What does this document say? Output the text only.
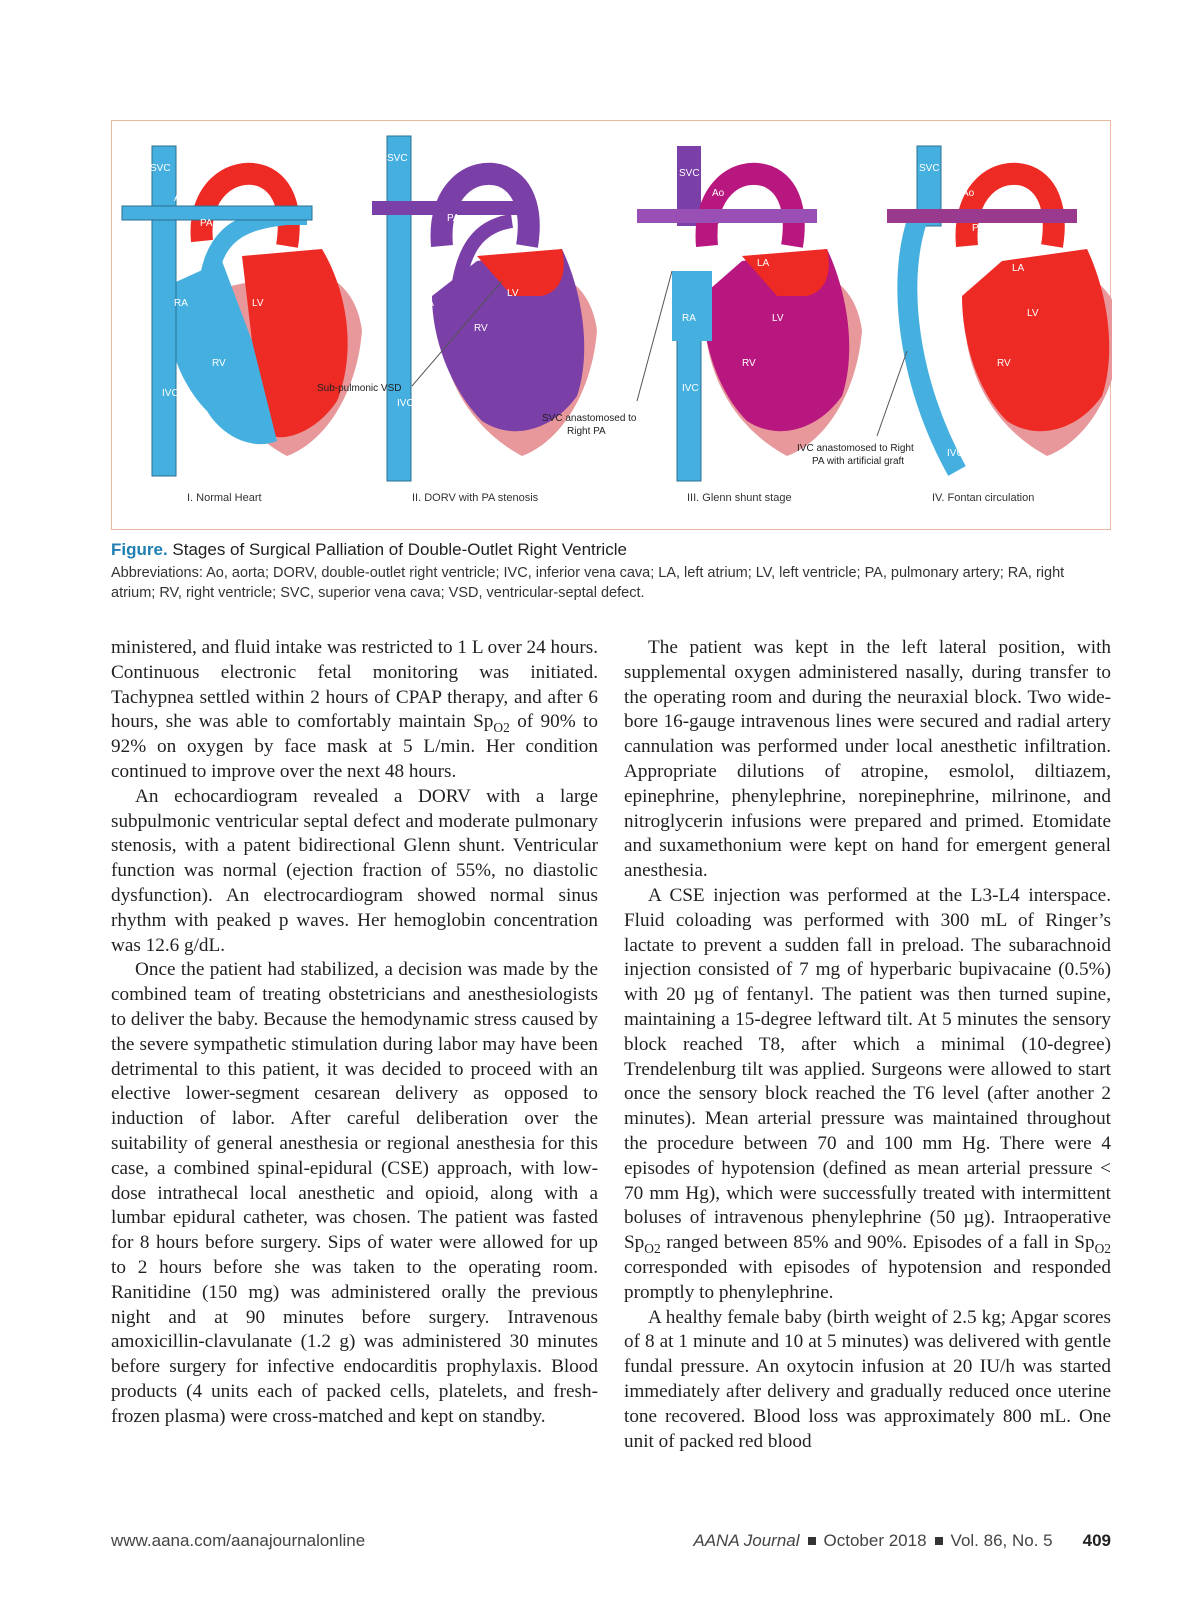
SVC
Ao
PA
LA
RA	LV
RV
IVC
I. Normal Heart
SVC
Ao
PA
LA
RA
LV
RV
IVC
Sub-pulmonic VSD
II. DORV with PA stenosis
SVC
Ao
PA
LA
RA	LV
RV
IVC
SVC anastomosed to
Right PA
III. Glenn shunt stage
SVC
Ao
PA
LA
RA	LV
RV
IVC
IVC anastomosed to Right
PA with artificial graft
IV. Fontan circulation
Figure. Stages of Surgical Palliation of Double-Outlet Right Ventricle
Abbreviations: Ao, aorta; DORV, double-outlet right ventricle; IVC, inferior vena cava; LA, left atrium; LV, left ventricle; PA, pulmonary artery; RA, right atrium; RV, right ventricle; SVC, superior vena cava; VSD, ventricular-septal defect.

ministered, and fluid intake was restricted to 1 L over 24 hours. Continuous electronic fetal monitoring was initiated. Tachypnea settled within 2 hours of CPAP therapy, and after 6 hours, she was able to comfortably maintain $Sp_{O2}$ of 90% to 92% on oxygen by face mask at 5 L/min. Her condition continued to improve over the next 48 hours.

An echocardiogram revealed a DORV with a large subpulmonic ventricular septal defect and moderate pulmonary stenosis, with a patent bidirectional Glenn shunt. Ventricular function was normal (ejection fraction of 55%, no diastolic dysfunction). An electrocardiogram showed normal sinus rhythm with peaked p waves. Her hemoglobin concentration was 12.6 g/dL.

Once the patient had stabilized, a decision was made by the combined team of treating obstetricians and anesthesiologists to deliver the baby. Because the hemodynamic stress caused by the severe sympathetic stimulation during labor may have been detrimental to this patient, it was decided to proceed with an elective lower-segment cesarean delivery as opposed to induction of labor. After careful deliberation over the suitability of general anesthesia or regional anesthesia for this case, a combined spinal-epidural (CSE) approach, with low-dose intrathecal local anesthetic and opioid, along with a lumbar epidural catheter, was chosen. The patient was fasted for 8 hours before surgery. Sips of water were allowed for up to 2 hours before she was taken to the operating room. Ranitidine (150 mg) was administered orally the previous night and at 90 minutes before surgery. Intravenous amoxicillin-clavulanate (1.2 g) was administered 30 minutes before surgery for infective endocarditis prophylaxis. Blood products (4 units each of packed cells, platelets, and fresh-frozen plasma) were cross-matched and kept on standby.

The patient was kept in the left lateral position, with supplemental oxygen administered nasally, during transfer to the operating room and during the neuraxial block. Two wide-bore 16-gauge intravenous lines were secured and radial artery cannulation was performed under local anesthetic infiltration. Appropriate dilutions of atropine, esmolol, diltiazem, epinephrine, phenylephrine, norepinephrine, milrinone, and nitroglycerin infusions were prepared and primed. Etomidate and suxamethonium were kept on hand for emergent general anesthesia.

A CSE injection was performed at the L3-L4 interspace. Fluid coloading was performed with 300 mL of Ringer’s lactate to prevent a sudden fall in preload. The subarachnoid injection consisted of 7 mg of hyperbaric bupivacaine (0.5%) with 20 µg of fentanyl. The patient was then turned supine, maintaining a 15-degree leftward tilt. At 5 minutes the sensory block reached T8, after which a minimal (10-degree) Trendelenburg tilt was applied. Surgeons were allowed to start once the sensory block reached the T6 level (after another 2 minutes). Mean arterial pressure was maintained throughout the procedure between 70 and 100 mm Hg. There were 4 episodes of hypotension (defined as mean arterial pressure < 70 mm Hg), which were successfully treated with intermittent boluses of intravenous phenylephrine (50 µg). Intraoperative $Sp_{O2}$ ranged between 85% and 90%. Episodes of a fall in $Sp_{O2}$ corresponded with episodes of hypotension and responded promptly to phenylephrine.

A healthy female baby (birth weight of 2.5 kg; Apgar scores of 8 at 1 minute and 10 at 5 minutes) was delivered with gentle fundal pressure. An oxytocin infusion at 20 IU/h was started immediately after delivery and gradually reduced once uterine tone recovered. Blood loss was approximately 800 mL. One unit of packed red blood

www.aana.com/aanajournalonline	AANA Journal October 2018 Vol. 86, No. 5 409
